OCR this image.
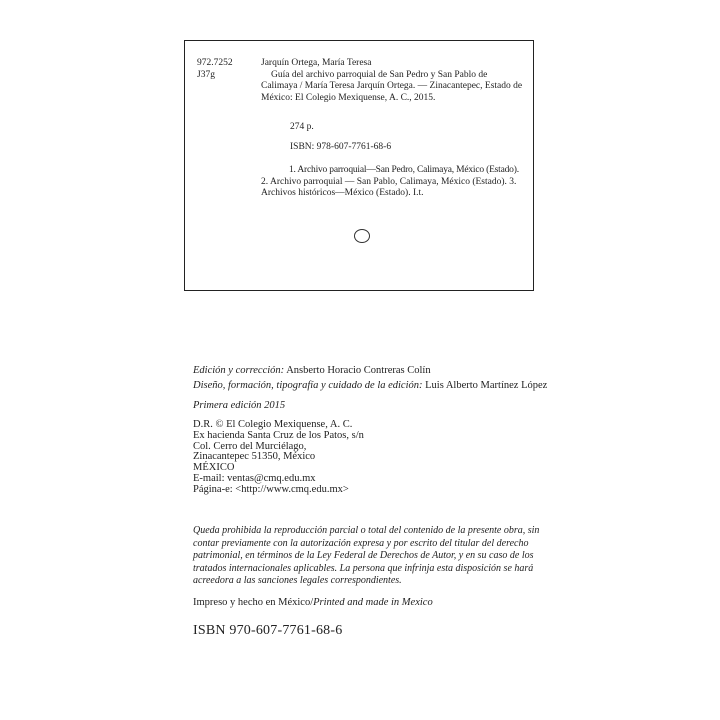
972.7252
J37g
Jarquín Ortega, María Teresa
Guía del archivo parroquial de San Pedro y San Pablo de Calimaya / María Teresa Jarquín Ortega. — Zinacantepec, Estado de México: El Colegio Mexiquense, A. C., 2015.
274 p.
ISBN: 978-607-7761-68-6
1. Archivo parroquial—San Pedro, Calimaya, México (Estado).
2. Archivo parroquial — San Pablo, Calimaya, México (Estado). 3. Archivos históricos—México (Estado). I.t.
Edición y corrección: Ansberto Horacio Contreras Colín
Diseño, formación, tipografía y cuidado de la edición: Luis Alberto Martínez López
Primera edición 2015
D.R. © El Colegio Mexiquense, A. C.
Ex hacienda Santa Cruz de los Patos, s/n
Col. Cerro del Murciélago,
Zinacantepec 51350, México
MÉXICO
E-mail: ventas@cmq.edu.mx
Página-e: <http://www.cmq.edu.mx>
Queda prohibida la reproducción parcial o total del contenido de la presente obra, sin contar previamente con la autorización expresa y por escrito del titular del derecho patrimonial, en términos de la Ley Federal de Derechos de Autor, y en su caso de los tratados internacionales aplicables. La persona que infrinja esta disposición se hará acreedora a las sanciones legales correspondientes.
Impreso y hecho en México/Printed and made in Mexico
ISBN 970-607-7761-68-6
